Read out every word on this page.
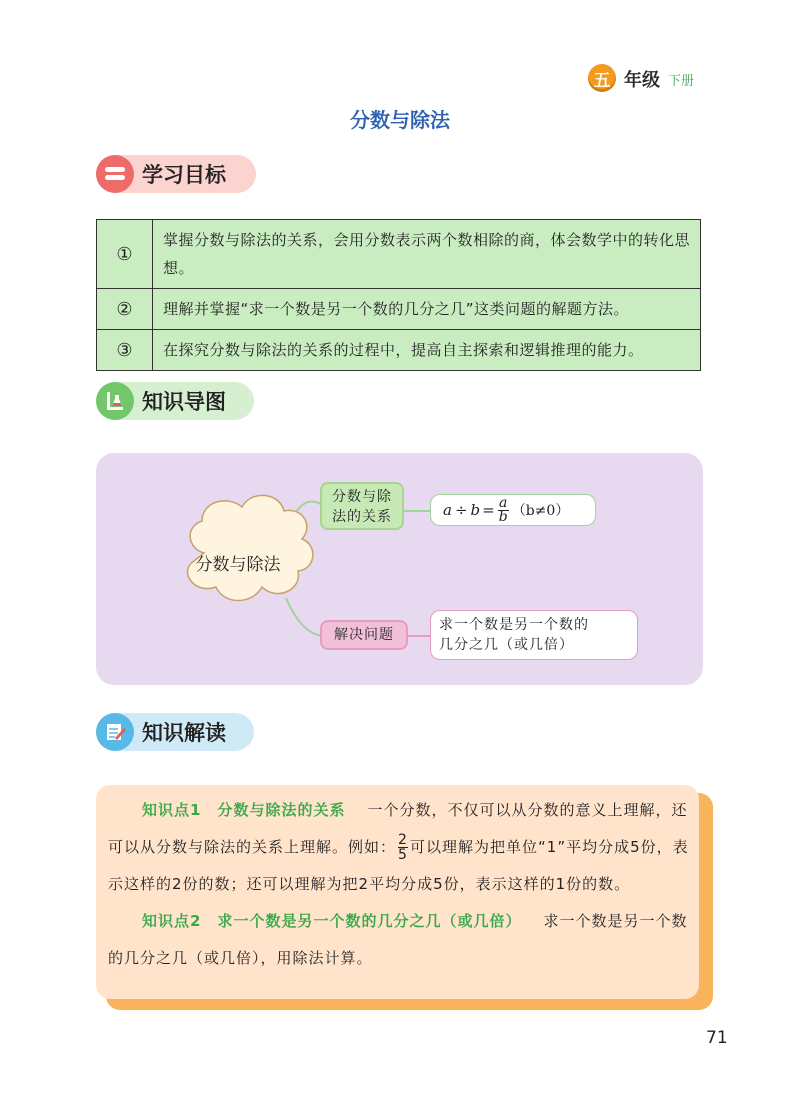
五 年级 下册
分数与除法
学习目标
①	掌握分数与除法的关系，会用分数表示两个数相除的商，体会数学中的转化思想。
②	理解并掌握“求一个数是另一个数的几分之几”这类问题的解题方法。
③	在探究分数与除法的关系的过程中，提高自主探索和逻辑推理的能力。
知识导图
分数与除法
分数与除
法的关系	$a \div b = \frac{a}{b} (b\ne 0)$
解决问题
求一个数是另一个数的
几分之几（或几倍）
知识解读

知识点1　分数与除法的关系 一个分数，不仅可以从分数的意义上理解，还可以从分数与除法的关系上理解。例如： $\frac{2}{5}$ 可以理解为把单位“1”平均分成5份，表示这样的2份的数；还可以理解为把2平均分成5份，表示这样的1份的数。

知识点2　求一个数是另一个数的几分之几（或几倍） 求一个数是另一个数的几分之几（或几倍），用除法计算。

71
